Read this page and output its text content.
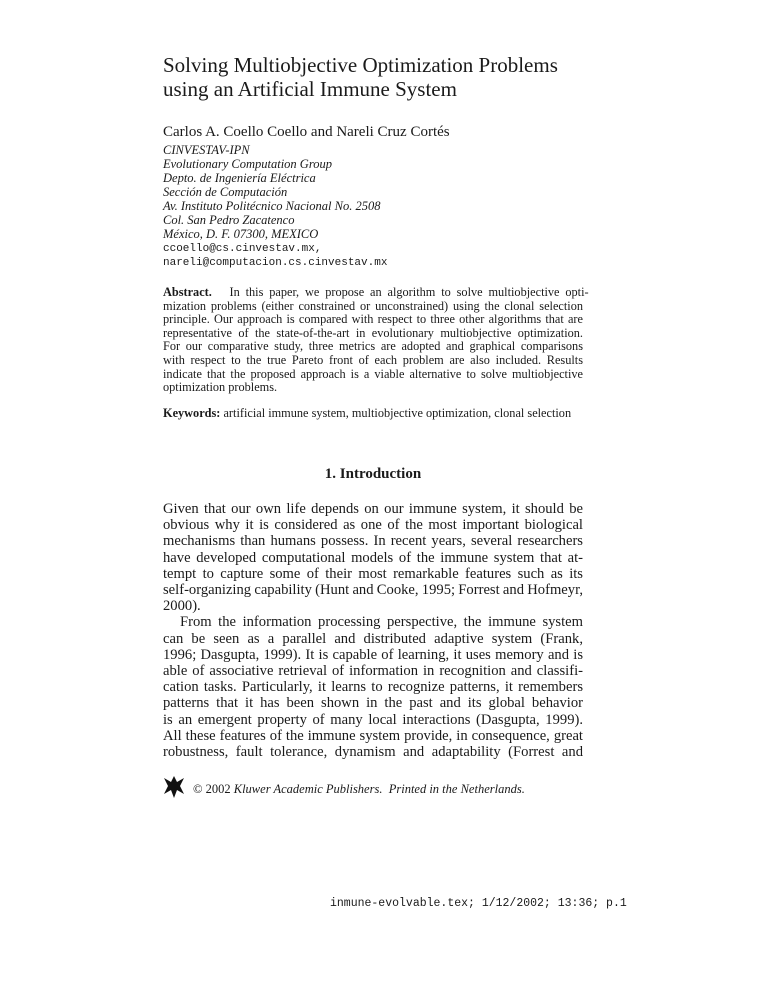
Solving Multiobjective Optimization Problems
using an Artificial Immune System
Carlos A. Coello Coello and Nareli Cruz Cortés
CINVESTAV-IPN
Evolutionary Computation Group
Depto. de Ingeniería Eléctrica
Sección de Computación
Av. Instituto Politécnico Nacional No. 2508
Col. San Pedro Zacatenco
México, D. F. 07300, MEXICO
ccoello@cs.cinvestav.mx,
nareli@computacion.cs.cinvestav.mx
Abstract. In this paper, we propose an algorithm to solve multiobjective opti-
mization problems (either constrained or unconstrained) using the clonal selection
principle. Our approach is compared with respect to three other algorithms that are
representative of the state-of-the-art in evolutionary multiobjective optimization.
For our comparative study, three metrics are adopted and graphical comparisons
with respect to the true Pareto front of each problem are also included. Results
indicate that the proposed approach is a viable alternative to solve multiobjective
optimization problems.
Keywords: artificial immune system, multiobjective optimization, clonal selection
1. Introduction
Given that our own life depends on our immune system, it should be
obvious why it is considered as one of the most important biological
mechanisms than humans possess. In recent years, several researchers
have developed computational models of the immune system that at-
tempt to capture some of their most remarkable features such as its
self-organizing capability (Hunt and Cooke, 1995; Forrest and Hofmeyr,
2000).
From the information processing perspective, the immune system
can be seen as a parallel and distributed adaptive system (Frank,
1996; Dasgupta, 1999). It is capable of learning, it uses memory and is
able of associative retrieval of information in recognition and classifi-
cation tasks. Particularly, it learns to recognize patterns, it remembers
patterns that it has been shown in the past and its global behavior
is an emergent property of many local interactions (Dasgupta, 1999).
All these features of the immune system provide, in consequence, great
robustness, fault tolerance, dynamism and adaptability (Forrest and
© 2002
Kluwer Academic Publishers.
Printed in the Netherlands.
inmune-evolvable.tex; 1/12/2002; 13:36; p.1
